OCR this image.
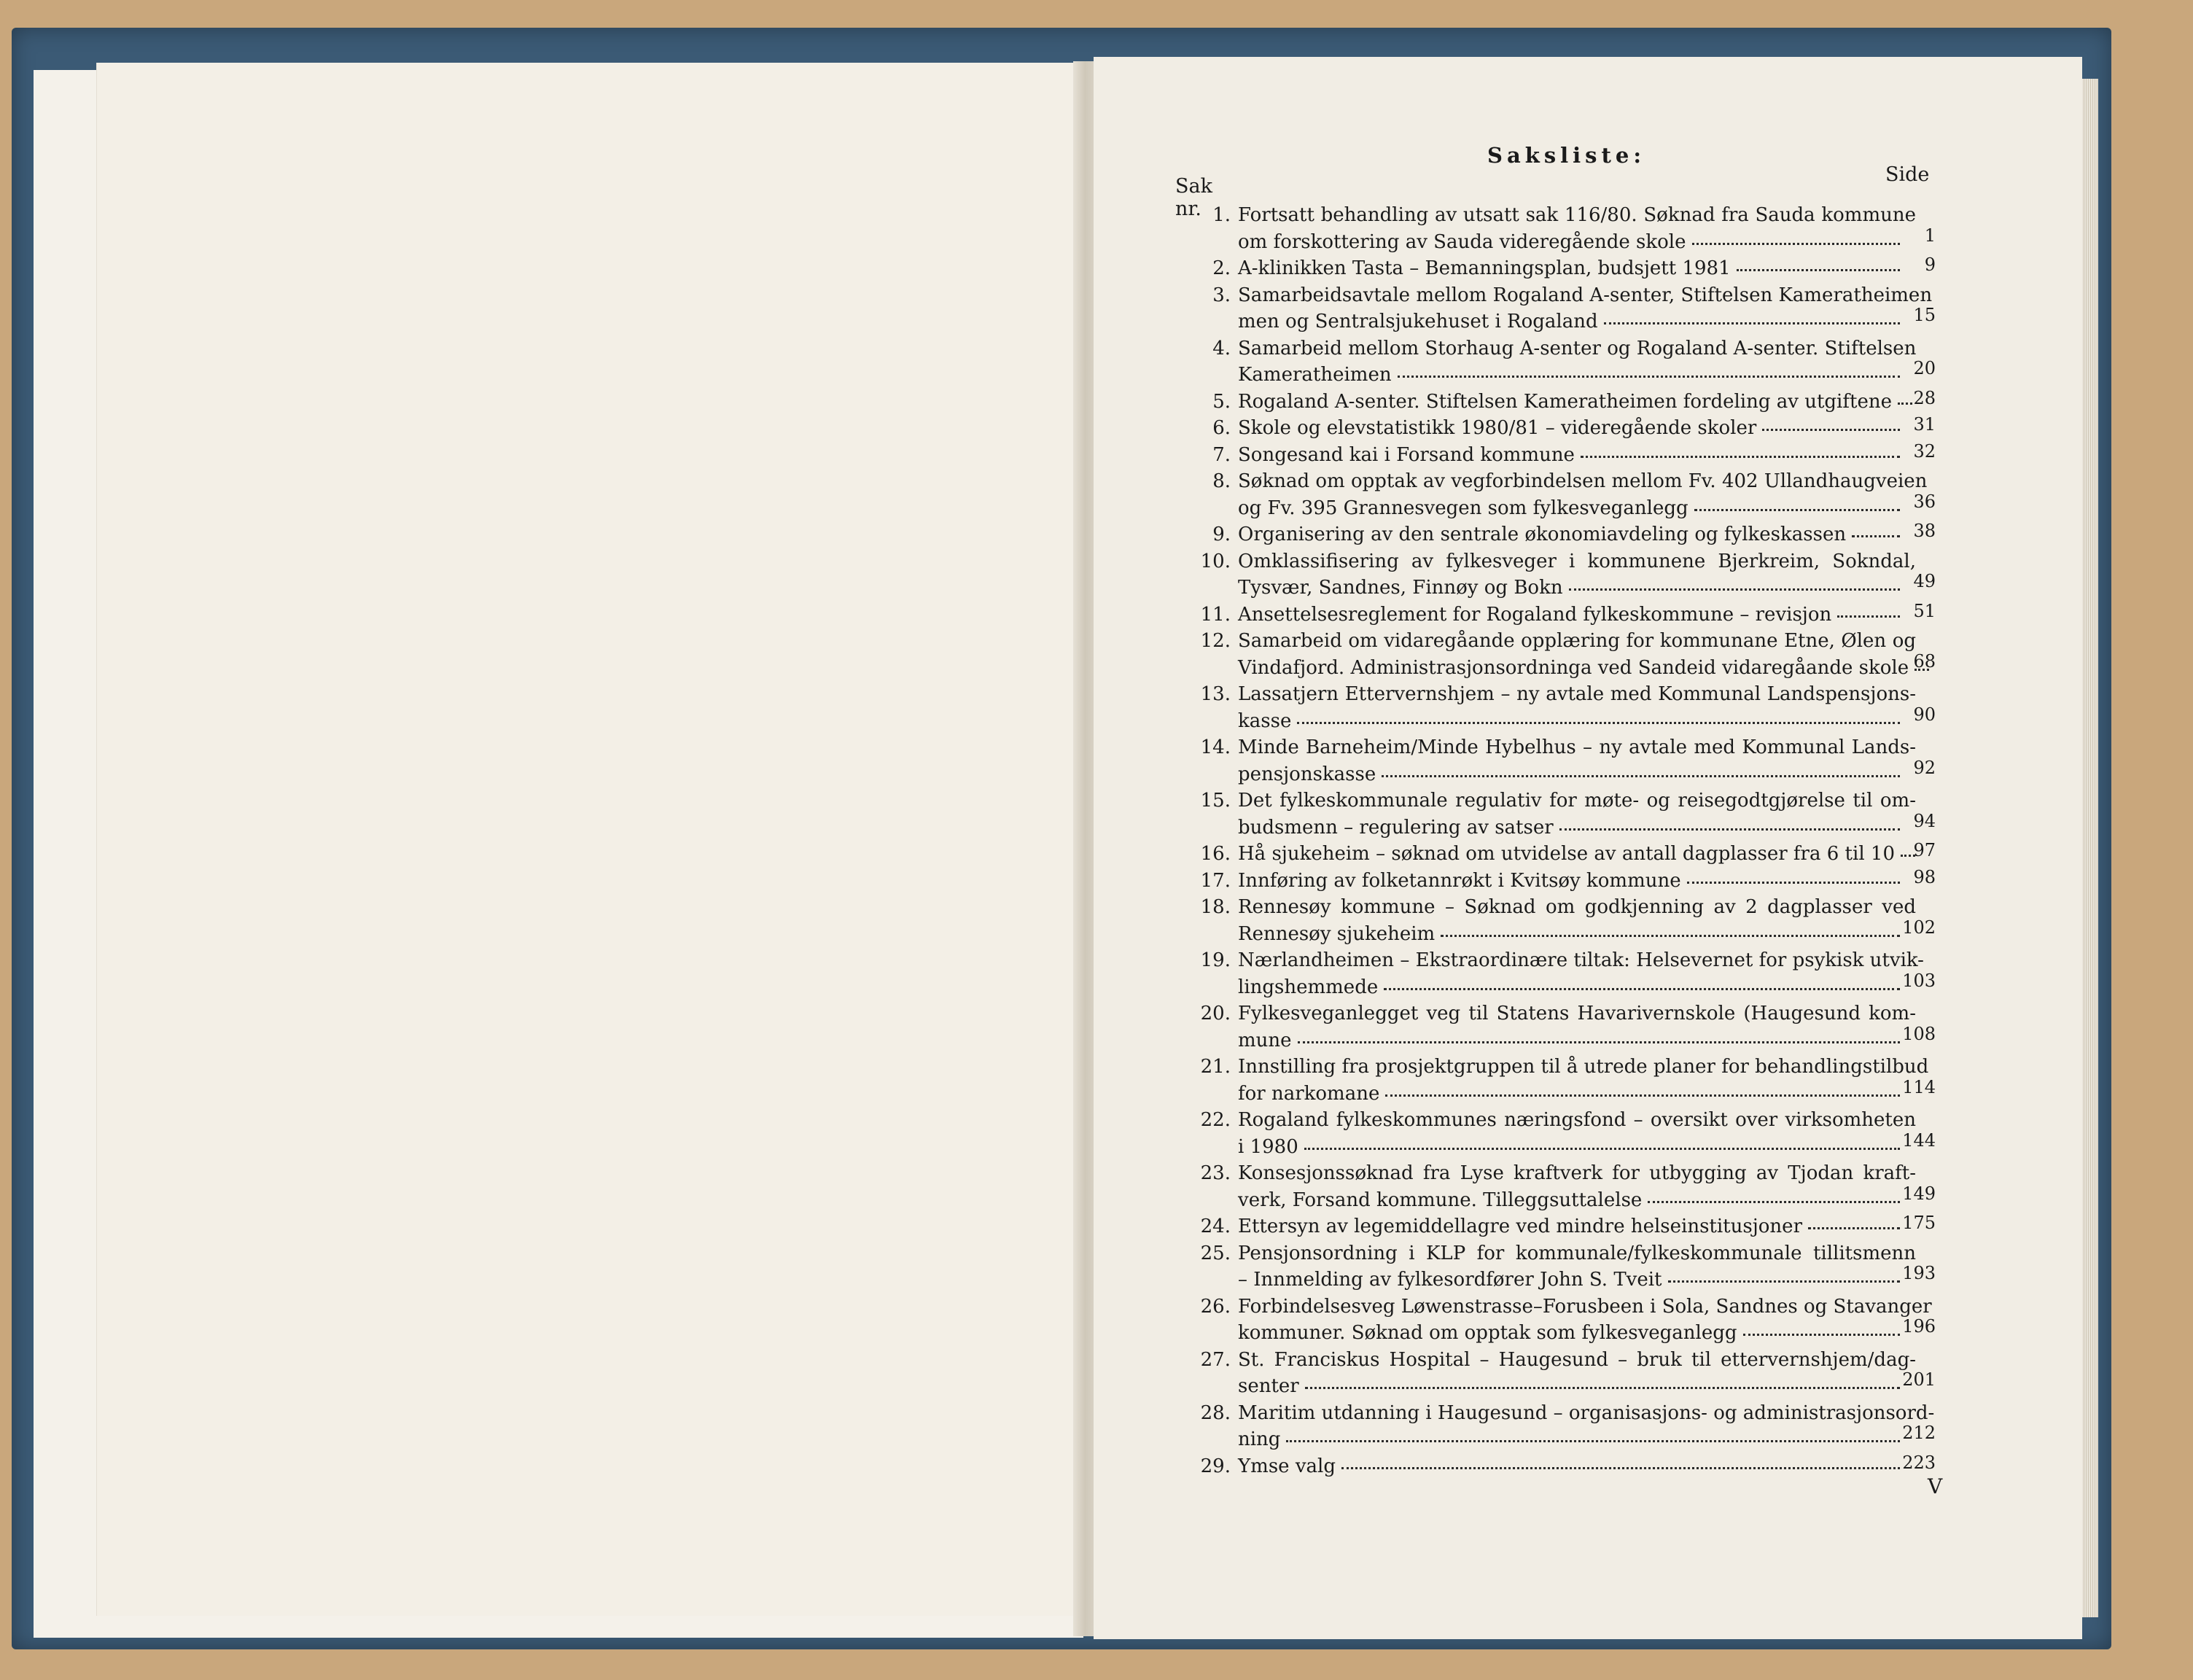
Saksliste:
Sak nr.
Side
1. Fortsatt behandling av utsatt sak 116/80. Søknad fra Sauda kommune
om forskottering av Sauda videregående skole	1
2. A-klinikken Tasta – Bemanningsplan, budsjett 1981	9
3. Samarbeidsavtale mellom Rogaland A-senter, Stiftelsen Kameratheimen
men og Sentralsjukehuset i Rogaland	15
4. Samarbeid mellom Storhaug A-senter og Rogaland A-senter. Stiftelsen
Kameratheimen	20
5. Rogaland A-senter. Stiftelsen Kameratheimen fordeling av utgiftene	28
6. Skole og elevstatistikk 1980/81 – videregående skoler	31
7. Songesand kai i Forsand kommune	32
8. Søknad om opptak av vegforbindelsen mellom Fv. 402 Ullandhaugveien
og Fv. 395 Grannesvegen som fylkesveganlegg	36
9. Organisering av den sentrale økonomiavdeling og fylkeskassen	38
10. Omklassifisering av fylkesveger i kommunene Bjerkreim, Sokndal,
Tysvær, Sandnes, Finnøy og Bokn	49
11. Ansettelsesreglement for Rogaland fylkeskommune – revisjon	51
12. Samarbeid om vidaregåande opplæring for kommunane Etne, Ølen og
Vindafjord. Administrasjonsordninga ved Sandeid vidaregåande skole 68
13. Lassatjern Ettervernshjem – ny avtale med Kommunal Landspensjons-
kasse	90
14. Minde Barneheim/Minde Hybelhus – ny avtale med Kommunal Lands-
pensjonskasse	92
15. Det fylkeskommunale regulativ for møte- og reisegodtgjørelse til om-
budsmenn – regulering av satser	94
16. Hå sjukeheim – søknad om utvidelse av antall dagplasser fra 6 til 10	97
17. Innføring av folketannrøkt i Kvitsøy kommune	98
18. Rennesøy kommune – Søknad om godkjenning av 2 dagplasser ved
Rennesøy sjukeheim	102
19. Nærlandheimen – Ekstraordinære tiltak: Helsevernet for psykisk utvik-
lingshemmede	103
20. Fylkesveganlegget veg til Statens Havarivernskole (Haugesund kom-
mune	108
21. Innstilling fra prosjektgruppen til å utrede planer for behandlingstilbud
for narkomane	114
22. Rogaland fylkeskommunes næringsfond – oversikt over virksomheten
i 1980	144
23. Konsesjonssøknad fra Lyse kraftverk for utbygging av Tjodan kraft-
verk, Forsand kommune. Tilleggsuttalelse	149
24. Ettersyn av legemiddellagre ved mindre helseinstitusjoner	175
25. Pensjonsordning i KLP for kommunale/fylkeskommunale tillitsmenn
– Innmelding av fylkesordfører John S. Tveit	193
26. Forbindelsesveg Løwenstrasse–Forusbeen i Sola, Sandnes og Stavanger
kommuner. Søknad om opptak som fylkesveganlegg	196
27. St. Franciskus Hospital – Haugesund – bruk til ettervernshjem/dag-
senter	201
28. Maritim utdanning i Haugesund – organisasjons- og administrasjonsord-
ning	212
29. Ymse valg	223
V
